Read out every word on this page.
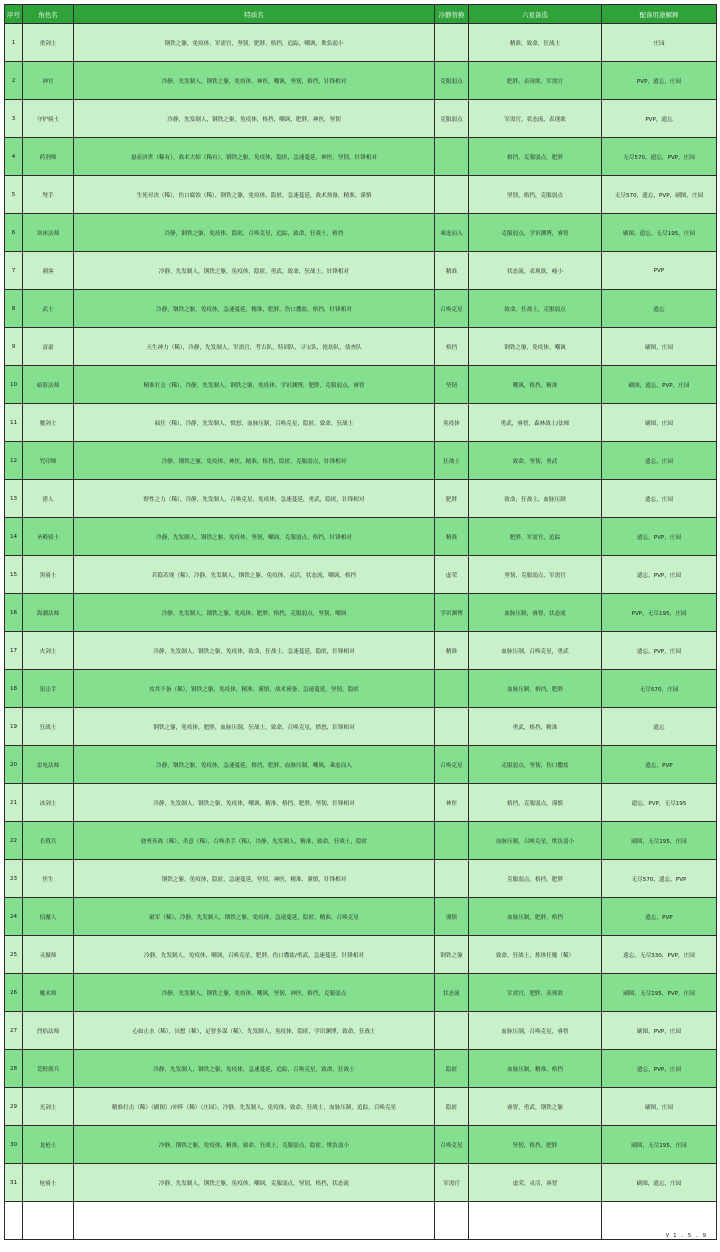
序号	角色名	特质名	冷静替换	六星备选	配备用途解释
1	重剑士	钢铁之躯，免疫体，军需官，坚韧，肥胖，格挡，追踪，嘲讽，欺负弱小		精准，致命，狂战士	庄园
2	神官	冷静，先发制人，钢铁之躯，免疫体，神医，嘲讽，坚韧，格挡，针锋相对	克服弱点	肥胖，表现欲，军需官	PVP，遗忘，庄园
3	守护骑士	冷静，先发制人，钢铁之躯，免疫体，格挡，嘲讽，肥胖，神医，坚韧	克服弱点	军需官，状态流，表现欲	PVP，遗忘
4	药剂师	悬壶济世（稀有），战术大师（稀有），钢铁之躯，免疫体，隐匿，急速蔓延，神医，坚韧，针锋相对		格挡，克服弱点，肥胖	无尽570，遗忘，PVP，庄园
5	弩手	生死对决（稀），伤口腐蚀（稀），钢铁之躯，免疫体，隐匿，急速蔓延，战术预备，精准，谨慎		坚韧，格挡，克服弱点	无尽570，遗忘，PVP，刷图，庄园
6	寒冰法师	冷静，钢铁之躯，免疫体，隐匿，召唤克星，追踪，致命，狂战士，格挡	乘虚而入	克服弱点，学识渊博，睿智	刷图，遗忘，无尽195，庄园
7	刺客	冷静，先发制人，钢铁之躯，免疫体，隐匿，勇武，致命，狂战士，针锋相对	精准	状态流，表现欲，瘦小	PVP
8	武士	冷静，钢铁之躯，免疫体，急速蔓延，精准，肥胖，伤口撒盐，格挡，针锋相对	召唤克星	致命，狂战士，克服弱点	遗忘
9	富豪	天生神力（稀），冷静，先发制人，军需官，考古队，特训队，寻宝队，抢劫队，侦查队	格挡	钢铁之躯，免疫体，嘲讽	刷图，庄园
10	暗影法师	精准打击（稀），冷静，先发制人，钢铁之躯，免疫体，学识渊博，肥胖，克服弱点，睿智	坚韧	嘲讽，格挡，精准	刷图，遗忘，PVP，庄园
11	魔剑士	疯狂（稀），冷静，先发制人，愤怒，血脉压制，召唤克星，隐匿，致命，狂战士	免疫体	勇武，睿智，森林战士/法师	刷图，庄园
12	咒印师	冷静，钢铁之躯，免疫体，神医，精准，格挡，隐匿，克服弱点，针锋相对	狂战士	致命，坚韧，勇武	遗忘，庄园
13	猎人	野性之力（稀），冷静，先发制人，召唤克星，免疫体，急速蔓延，勇武，隐匿，针锋相对	肥胖	致命，狂战士，血脉压制	遗忘，庄园
14	圣殿骑士	冷静，先发制人，钢铁之躯，免疫体，坚韧，嘲讽，克服弱点，格挡，针锋相对	精准	肥胖，军需官，追踪	遗忘，PVP，庄园
15	黑骑士	若隐若现（稀），冷静，先发制人，钢铁之躯，免疫体，灵活，状态流，嘲讽，格挡	虚荣	坚韧，克服弱点，军需官	遗忘，PVP，庄园
16	海潮法师	冷静，先发制人，钢铁之躯，免疫体，肥胖，格挡，克服弱点，坚韧，嘲讽	学识渊博	血脉压制，睿智，状态流	PVP，无尽195，庄园
17	火剑士	冷静，先发制人，钢铁之躯，免疫体，致命，狂战士，急速蔓延，隐匿，针锋相对	精准	血脉压制，召唤克星，勇武	遗忘，PVP，庄园
18	狙击手	攻其不备（稀），钢铁之躯，免疫体，精准，谨慎，战术预备，急速蔓延，坚韧，隐匿		血脉压制，格挡，肥胖	无尽570，庄园
19	狂战士	钢铁之躯，免疫体，肥胖，血脉压制，狂战士，致命，召唤克星，愤怒，针锋相对		勇武，格挡，精准	遗忘
20	雷电法师	冷静，钢铁之躯，免疫体，急速蔓延，格挡，肥胖，血脉压制，嘲讽，乘虚而入	召唤克星	克服弱点，坚韧，伤口撒盐	遗忘，PVP
21	冰剑士	冷静，先发制人，钢铁之躯，免疫体，嘲讽，精准，格挡，肥胖，坚韧，针锋相对	神医	格挡，克服弱点，谨慎	遗忘，PVP，无尽195
22	长戟兵	骁勇善战（稀），杀意（稀），召唤杀手（稀），冷静，先发制人，精准，致命，狂战士，隐匿		血脉压制，召唤克星，欺负弱小	刷图，无尽195，庄园
23	医生	钢铁之躯，免疫体，隐匿，急速蔓延，坚韧，神医，精准，谨慎，针锋相对		克服弱点，格挡，肥胖	无尽570，遗忘，PVP
24	招魔人	破军（稀），冷静，先发制人，钢铁之躯，免疫体，急速蔓延，隐匿，精准，召唤克星	谨慎	血脉压制，肥胖，格挡	遗忘，PVP
25	灵摄师	冷静，先发制人，免疫体，嘲讽，召唤克星，肥胖，伤口撒盐/勇武，急速蔓延，针锋相对	钢铁之躯	致命，狂战士，炼体狂魔（稀）	遗忘，无尽330，PVP，庄园
26	魔术师	冷静，先发制人，钢铁之躯，免疫体，嘲讽，坚韧，神医，格挡，克服弱点	状态流	军需官，肥胖，表现欲	刷图，无尽195，PVP，庄园
27	烈焰法师	心如止水（稀），冥想（稀），足智多谋（稀），先发制人，免疫体，隐匿，学识渊博，致命，狂战士		血脉压制，召唤克星，睿智	刷图，PVP，庄园
28	荒野佣兵	冷静，先发制人，钢铁之躯，免疫体，急速蔓延，追踪，召唤克星，致命，狂战士	隐匿	血脉压制，精准，格挡	遗忘，PVP，庄园
29	光剑士	精准打击（稀）（刷图）/冲阵（稀）（庄园），冷静，先发制人，免疫体，致命，狂战士，血脉压制，追踪，召唤克星	隐匿	睿智，勇武，钢铁之躯	刷图，庄园
30	龙枪士	冷静，钢铁之躯，免疫体，精准，致命，狂战士，克服弱点，隐匿，欺负弱小	召唤克星	坚韧，格挡，肥胖	刷图，无尽195，庄园
31	枪骑士	冷静，先发制人，钢铁之躯，免疫体，嘲讽，克服弱点，坚韧，格挡，状态流	军需官	虚荣，灵活，睿智	刷图，遗忘，庄园
					V1.5.9
